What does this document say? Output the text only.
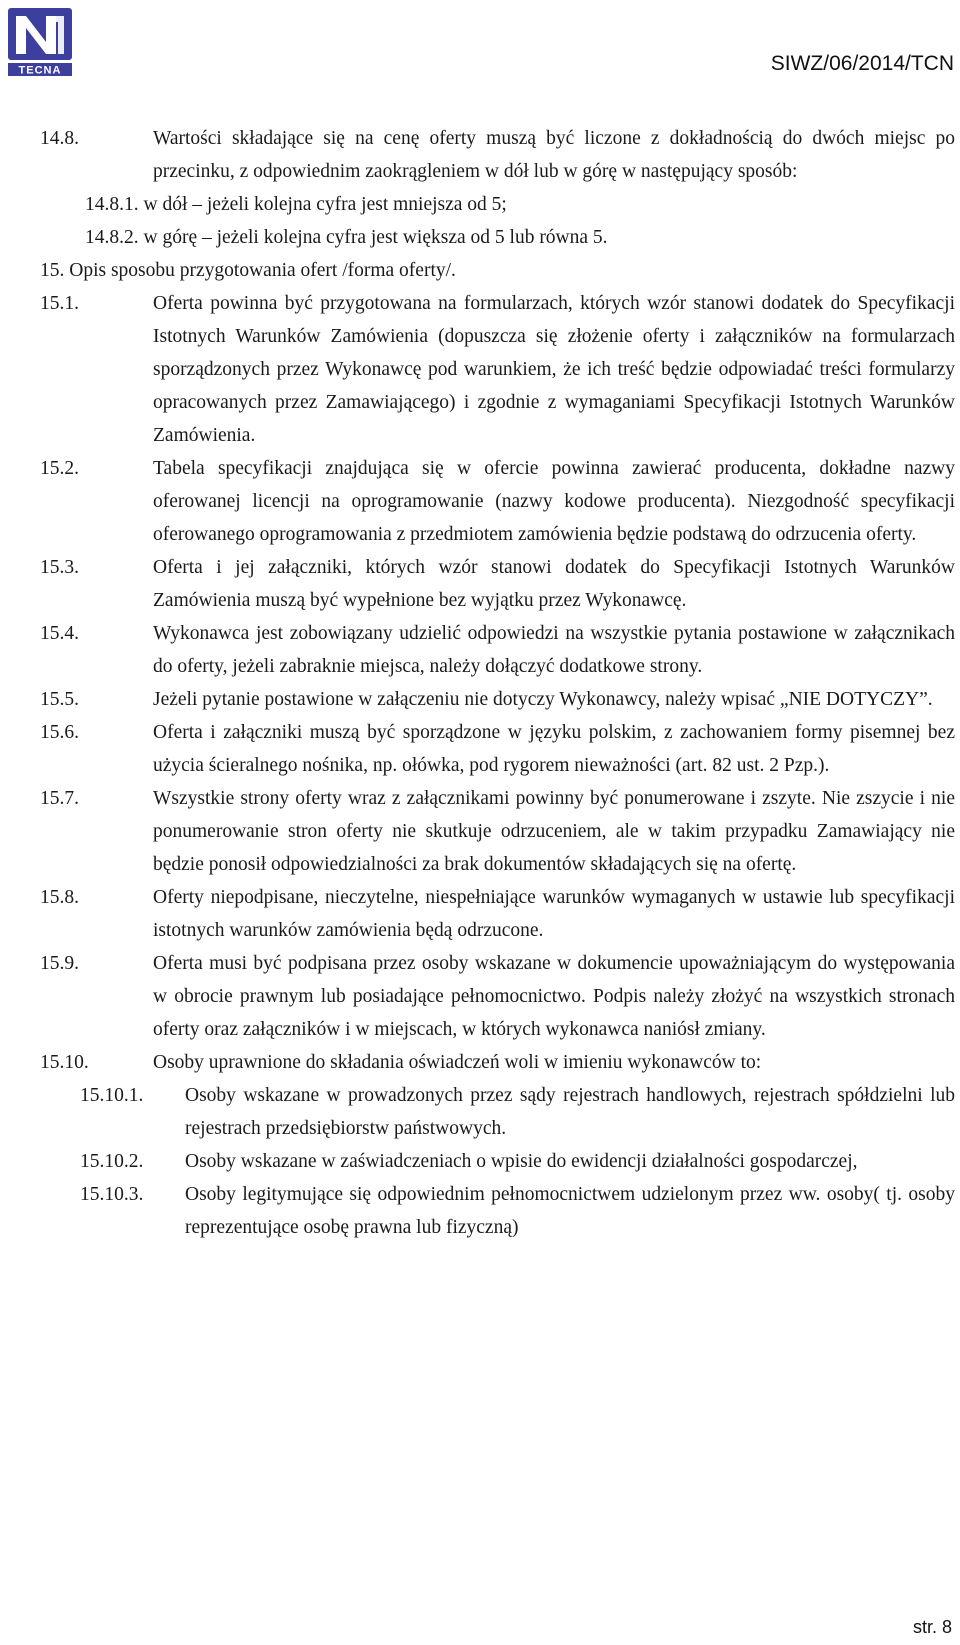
TECNA	SIWZ/06/2014/TCN
14.8.	Wartości składające się na cenę oferty muszą być liczone z dokładnością do dwóch miejsc po przecinku, z odpowiednim zaokrągleniem w dół lub w górę w następujący sposób:
14.8.1. w dół – jeżeli kolejna cyfra jest mniejsza od 5;
14.8.2. w górę – jeżeli kolejna cyfra jest większa od 5 lub równa 5.
15. Opis sposobu przygotowania ofert /forma oferty/.
15.1.	Oferta powinna być przygotowana na formularzach, których wzór stanowi dodatek do Specyfikacji Istotnych Warunków Zamówienia (dopuszcza się złożenie oferty i załączników na formularzach sporządzonych przez Wykonawcę pod warunkiem, że ich treść będzie odpowiadać treści formularzy opracowanych przez Zamawiającego) i zgodnie z wymaganiami Specyfikacji Istotnych Warunków Zamówienia.
15.2.	Tabela specyfikacji znajdująca się w ofercie powinna zawierać producenta, dokładne nazwy oferowanej licencji na oprogramowanie (nazwy kodowe producenta). Niezgodność specyfikacji oferowanego oprogramowania z przedmiotem zamówienia będzie podstawą do odrzucenia oferty.
15.3.	Oferta i jej załączniki, których wzór stanowi dodatek do Specyfikacji Istotnych Warunków Zamówienia muszą być wypełnione bez wyjątku przez Wykonawcę.
15.4.	Wykonawca jest zobowiązany udzielić odpowiedzi na wszystkie pytania postawione w załącznikach do oferty, jeżeli zabraknie miejsca, należy dołączyć dodatkowe strony.
15.5.	Jeżeli pytanie postawione w załączeniu nie dotyczy Wykonawcy, należy wpisać „NIE DOTYCZY”.
15.6.	Oferta i załączniki muszą być sporządzone w języku polskim, z zachowaniem formy pisemnej bez użycia ścieralnego nośnika, np. ołówka, pod rygorem nieważności (art. 82 ust. 2 Pzp.).
15.7.	Wszystkie strony oferty wraz z załącznikami powinny być ponumerowane i zszyte. Nie zszycie i nie ponumerowanie stron oferty nie skutkuje odrzuceniem, ale w takim przypadku Zamawiający nie będzie ponosił odpowiedzialności za brak dokumentów składających się na ofertę.
15.8.	Oferty niepodpisane, nieczytelne, niespełniające warunków wymaganych w ustawie lub specyfikacji istotnych warunków zamówienia będą odrzucone.
15.9.	Oferta musi być podpisana przez osoby wskazane w dokumencie upoważniającym do występowania w obrocie prawnym lub posiadające pełnomocnictwo. Podpis należy złożyć na wszystkich stronach oferty oraz załączników i w miejscach, w których wykonawca naniósł zmiany.
15.10.	Osoby uprawnione do składania oświadczeń woli w imieniu wykonawców to:
15.10.1. Osoby wskazane w prowadzonych przez sądy rejestrach handlowych, rejestrach spółdzielni lub rejestrach przedsiębiorstw państwowych.
15.10.2. Osoby wskazane w zaświadczeniach o wpisie do ewidencji działalności gospodarczej,
15.10.3. Osoby legitymujące się odpowiednim pełnomocnictwem udzielonym przez ww. osoby( tj. osoby reprezentujące osobę prawna lub fizyczną)
str. 8
